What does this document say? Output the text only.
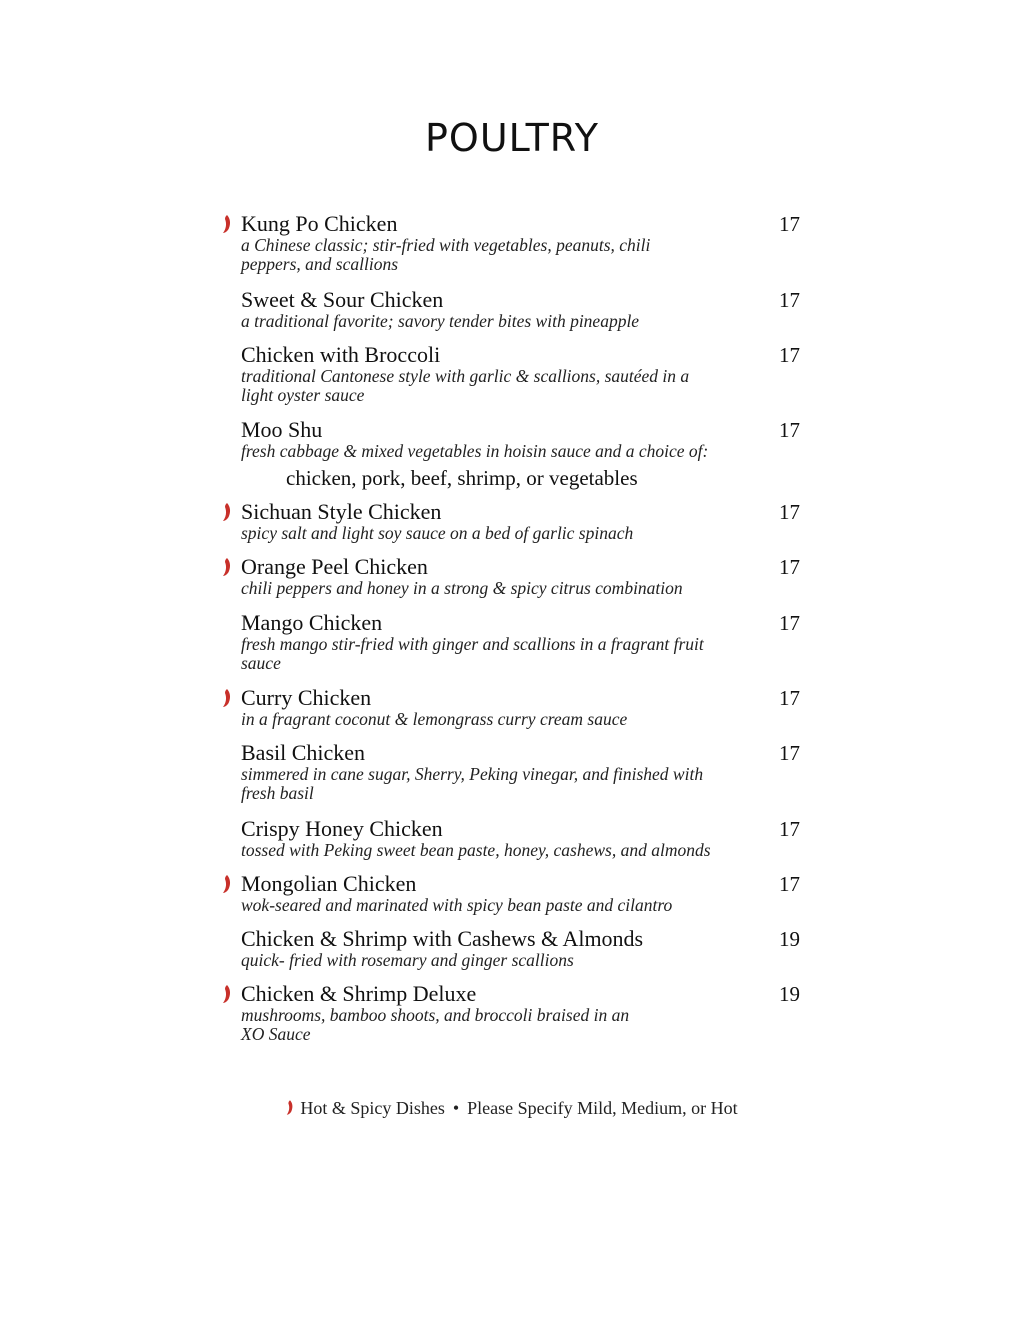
POULTRY
Kung Po Chicken
a Chinese classic; stir-fried with vegetables, peanuts, chili peppers, and scallions
17
Sweet & Sour Chicken
a traditional favorite; savory tender bites with pineapple
17
Chicken with Broccoli
traditional Cantonese style with garlic & scallions, sautéed in a light oyster sauce
17
Moo Shu
fresh cabbage & mixed vegetables in hoisin sauce and a choice of:
chicken, pork, beef, shrimp, or vegetables
17
Sichuan Style Chicken
spicy salt and light soy sauce on a bed of garlic spinach
17
Orange Peel Chicken
chili peppers and honey in a strong & spicy citrus combination
17
Mango Chicken
fresh mango stir-fried with ginger and scallions in a fragrant fruit sauce
17
Curry Chicken
in a fragrant coconut & lemongrass curry cream sauce
17
Basil Chicken
simmered in cane sugar, Sherry, Peking vinegar, and finished with fresh basil
17
Crispy Honey Chicken
tossed with Peking sweet bean paste, honey, cashews, and almonds
17
Mongolian Chicken
wok-seared and marinated with spicy bean paste and cilantro
17
Chicken & Shrimp with Cashews & Almonds
quick- fried with rosemary and ginger scallions
19
Chicken & Shrimp Deluxe
mushrooms, bamboo shoots, and broccoli braised in an XO Sauce
19
Hot & Spicy Dishes • Please Specify Mild, Medium, or Hot
